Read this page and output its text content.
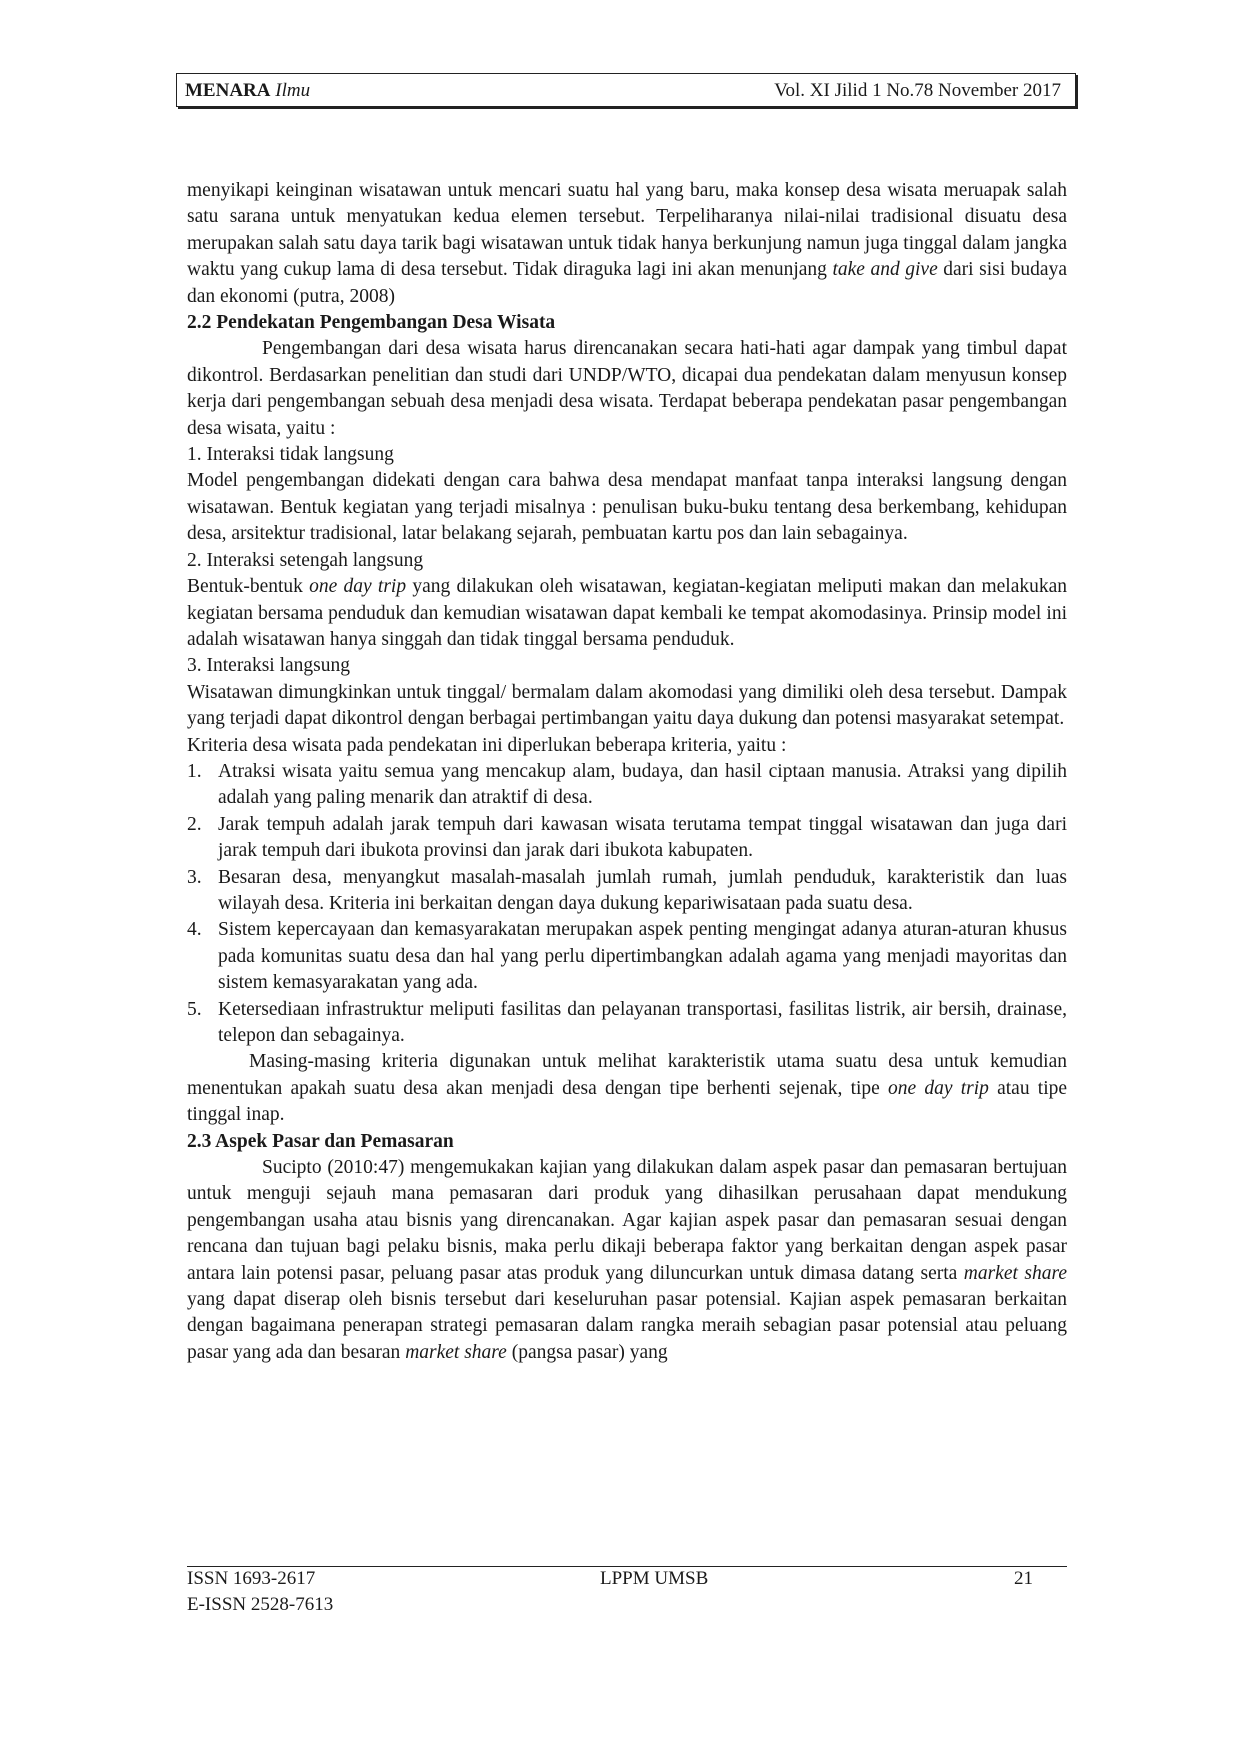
MENARA Ilmu	Vol. XI Jilid 1 No.78 November 2017

menyikapi keinginan wisatawan untuk mencari suatu hal yang baru, maka konsep desa wisata meruapak salah satu sarana untuk menyatukan kedua elemen tersebut. Terpeliharanya nilai-nilai tradisional disuatu desa merupakan salah satu daya tarik bagi wisatawan untuk tidak hanya berkunjung namun juga tinggal dalam jangka waktu yang cukup lama di desa tersebut. Tidak diraguka lagi ini akan menunjang take and give dari sisi budaya dan ekonomi (putra, 2008)

2.2 Pendekatan Pengembangan Desa Wisata

Pengembangan dari desa wisata harus direncanakan secara hati-hati agar dampak yang timbul dapat dikontrol. Berdasarkan penelitian dan studi dari UNDP/WTO, dicapai dua pendekatan dalam menyusun konsep kerja dari pengembangan sebuah desa menjadi desa wisata. Terdapat beberapa pendekatan pasar pengembangan desa wisata, yaitu :

1. Interaksi tidak langsung

Model pengembangan didekati dengan cara bahwa desa mendapat manfaat tanpa interaksi langsung dengan wisatawan. Bentuk kegiatan yang terjadi misalnya : penulisan buku-buku tentang desa berkembang, kehidupan desa, arsitektur tradisional, latar belakang sejarah, pembuatan kartu pos dan lain sebagainya.

2. Interaksi setengah langsung

Bentuk-bentuk one day trip yang dilakukan oleh wisatawan, kegiatan-kegiatan meliputi makan dan melakukan kegiatan bersama penduduk dan kemudian wisatawan dapat kembali ke tempat akomodasinya. Prinsip model ini adalah wisatawan hanya singgah dan tidak tinggal bersama penduduk.

3. Interaksi langsung

Wisatawan dimungkinkan untuk tinggal/ bermalam dalam akomodasi yang dimiliki oleh desa tersebut. Dampak yang terjadi dapat dikontrol dengan berbagai pertimbangan yaitu daya dukung dan potensi masyarakat setempat.

Kriteria desa wisata pada pendekatan ini diperlukan beberapa kriteria, yaitu :

1. Atraksi wisata yaitu semua yang mencakup alam, budaya, dan hasil ciptaan manusia. Atraksi yang dipilih adalah yang paling menarik dan atraktif di desa.

2. Jarak tempuh adalah jarak tempuh dari kawasan wisata terutama tempat tinggal wisatawan dan juga dari jarak tempuh dari ibukota provinsi dan jarak dari ibukota kabupaten.

3. Besaran desa, menyangkut masalah-masalah jumlah rumah, jumlah penduduk, karakteristik dan luas wilayah desa. Kriteria ini berkaitan dengan daya dukung kepariwisataan pada suatu desa.

4. Sistem kepercayaan dan kemasyarakatan merupakan aspek penting mengingat adanya aturan-aturan khusus pada komunitas suatu desa dan hal yang perlu dipertimbangkan adalah agama yang menjadi mayoritas dan sistem kemasyarakatan yang ada.

5. Ketersediaan infrastruktur meliputi fasilitas dan pelayanan transportasi, fasilitas listrik, air bersih, drainase, telepon dan sebagainya.

Masing-masing kriteria digunakan untuk melihat karakteristik utama suatu desa untuk kemudian menentukan apakah suatu desa akan menjadi desa dengan tipe berhenti sejenak, tipe one day trip atau tipe tinggal inap.

2.3 Aspek Pasar dan Pemasaran

Sucipto (2010:47) mengemukakan kajian yang dilakukan dalam aspek pasar dan pemasaran bertujuan untuk menguji sejauh mana pemasaran dari produk yang dihasilkan perusahaan dapat mendukung pengembangan usaha atau bisnis yang direncanakan. Agar kajian aspek pasar dan pemasaran sesuai dengan rencana dan tujuan bagi pelaku bisnis, maka perlu dikaji beberapa faktor yang berkaitan dengan aspek pasar antara lain potensi pasar, peluang pasar atas produk yang diluncurkan untuk dimasa datang serta market share yang dapat diserap oleh bisnis tersebut dari keseluruhan pasar potensial. Kajian aspek pemasaran berkaitan dengan bagaimana penerapan strategi pemasaran dalam rangka meraih sebagian pasar potensial atau peluang pasar yang ada dan besaran market share (pangsa pasar) yang

ISSN 1693-2617
E-ISSN 2528-7613
LPPM UMSB	21
